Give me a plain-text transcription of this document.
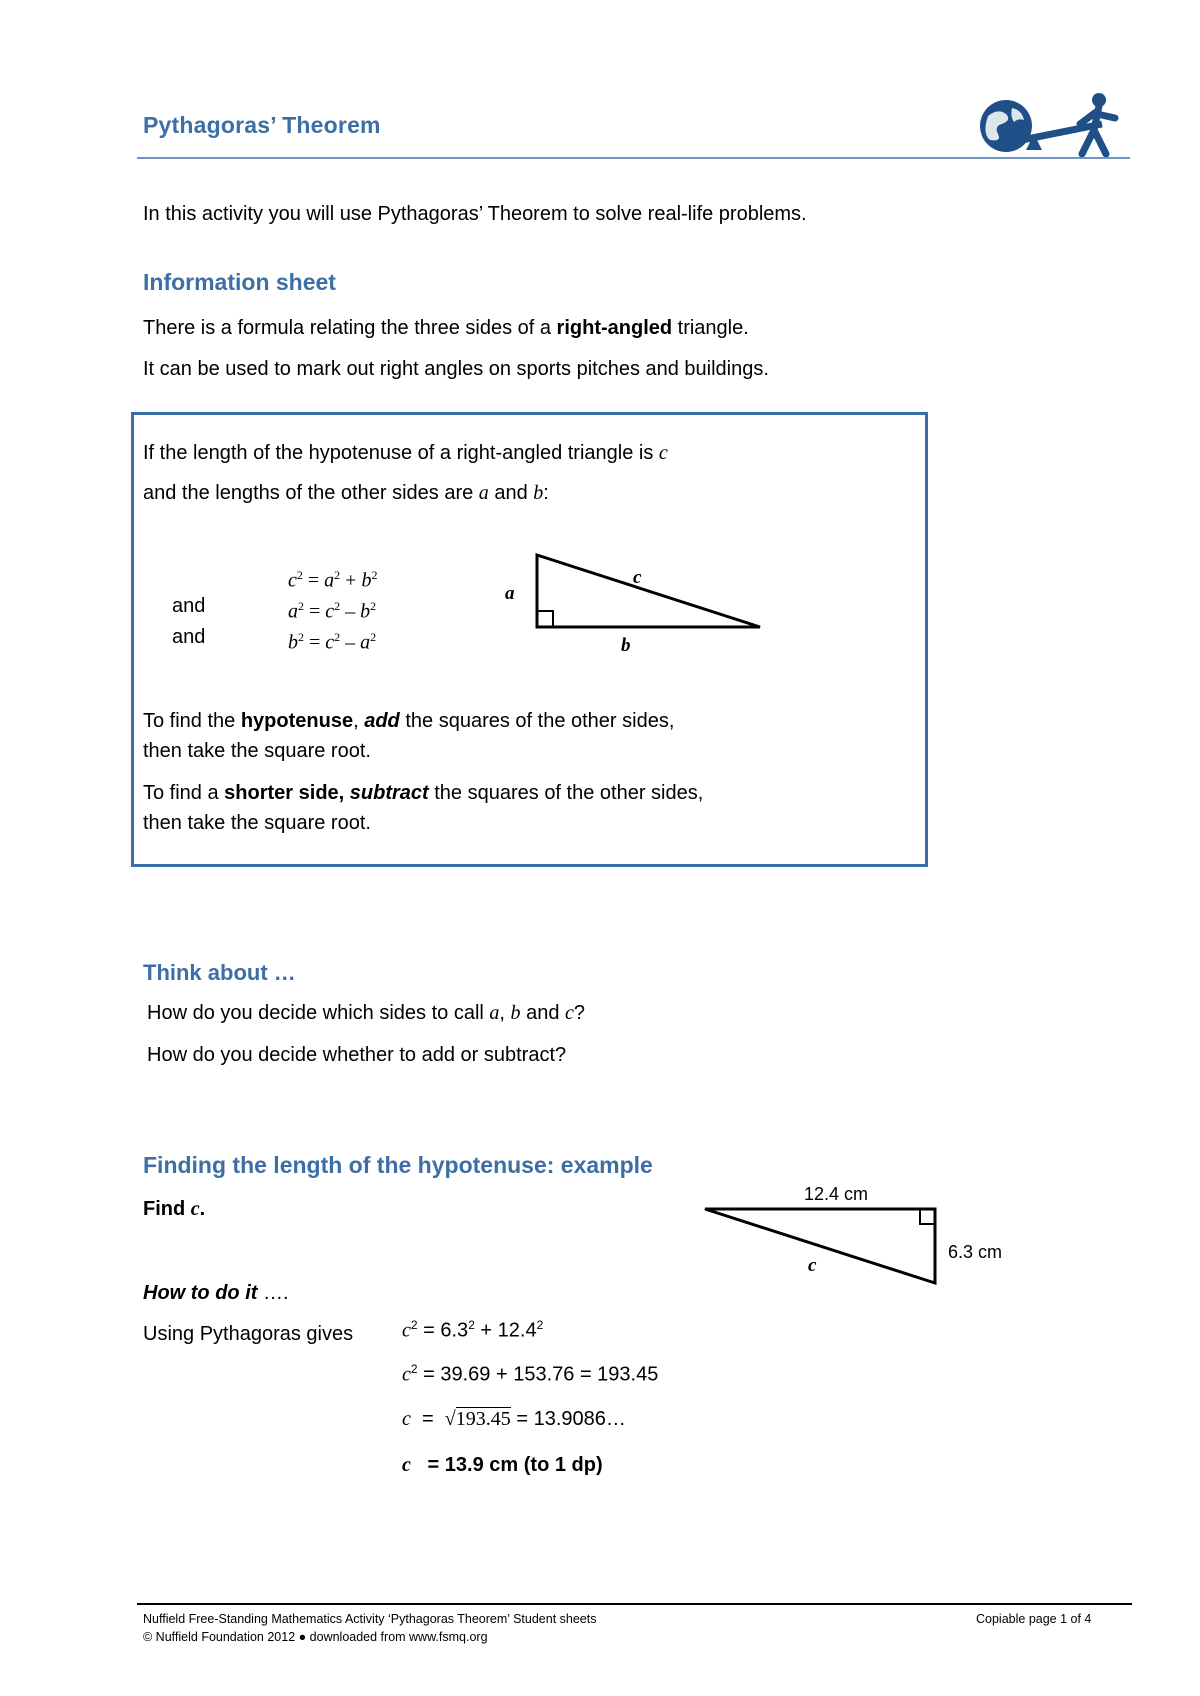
Pythagoras’ Theorem
In this activity you will use Pythagoras’ Theorem to solve real-life problems.
Information sheet
There is a formula relating the three sides of a right-angled triangle.
It can be used to mark out right angles on sports pitches and buildings.
If the length of the hypotenuse of a right-angled triangle is c
and the lengths of the other sides are a and b:
and
and
$c^2 = a^2 + b^2$
$a^2 = c^2 - b^2$
$b^2 = c^2 - a^2$
a
c
b
To find the hypotenuse, add the squares of the other sides,
then take the square root.
To find a shorter side, subtract the squares of the other sides,
then take the square root.
Think about …
How do you decide which sides to call a, b and c?
How do you decide whether to add or subtract?
Finding the length of the hypotenuse: example
Find c.
12.4 cm
6.3 cm
c
How to do it ….
Using Pythagoras gives $c^2 = 6.3^2 + 12.4^2$
$c^2 = 39.69 + 153.76 = 193.45$
c  =  √193.45 = 13.9086…
c   = 13.9 cm (to 1 dp)
Nuffield Free-Standing Mathematics Activity ‘Pythagoras Theorem’ Student sheets
© Nuffield Foundation 2012 ● downloaded from www.fsmq.org
Copiable page 1 of 4
